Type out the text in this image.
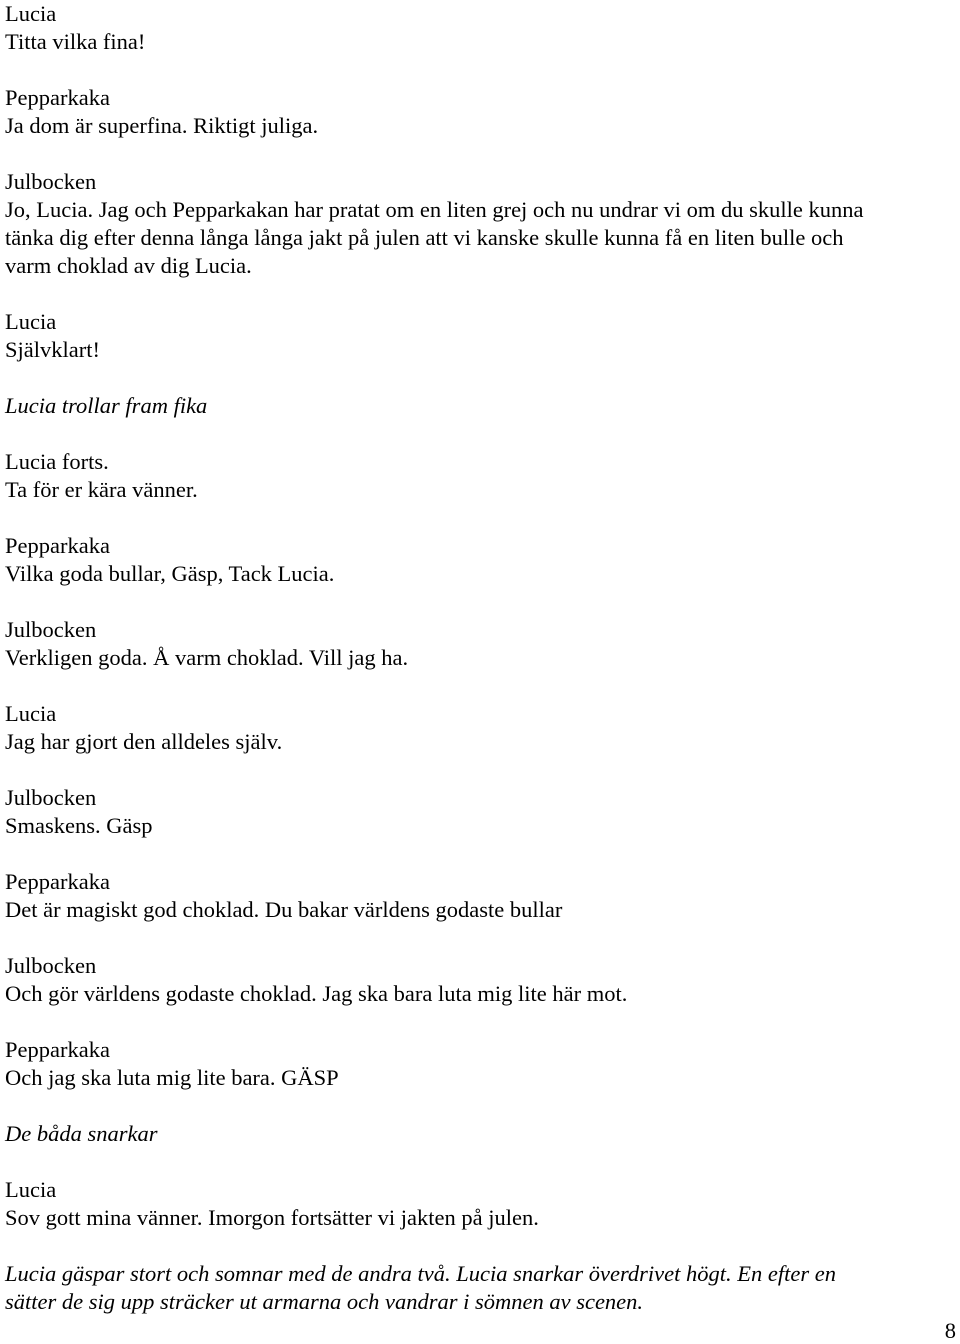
Lucia
Titta vilka fina!
Pepparkaka
Ja dom är superfina. Riktigt juliga.
Julbocken
Jo, Lucia. Jag och Pepparkakan har pratat om en liten grej och nu undrar vi om du skulle kunna
tänka dig efter denna långa långa jakt på julen att vi kanske skulle kunna få en liten bulle och
varm choklad av dig Lucia.
Lucia
Självklart!
Lucia trollar fram fika
Lucia forts.
Ta för er kära vänner.
Pepparkaka
Vilka goda bullar, Gäsp, Tack Lucia.
Julbocken
Verkligen goda. Å varm choklad. Vill jag ha.
Lucia
Jag har gjort den alldeles själv.
Julbocken
Smaskens. Gäsp
Pepparkaka
Det är magiskt god choklad. Du bakar världens godaste bullar
Julbocken
Och gör världens godaste choklad. Jag ska bara luta mig lite här mot.
Pepparkaka
Och jag ska luta mig lite bara. GÄSP
De båda snarkar
Lucia
Sov gott mina vänner. Imorgon fortsätter vi jakten på julen.
Lucia gäspar stort och somnar med de andra två. Lucia snarkar överdrivet högt. En efter en
sätter de sig upp sträcker ut armarna och vandrar i sömnen av scenen.
8
